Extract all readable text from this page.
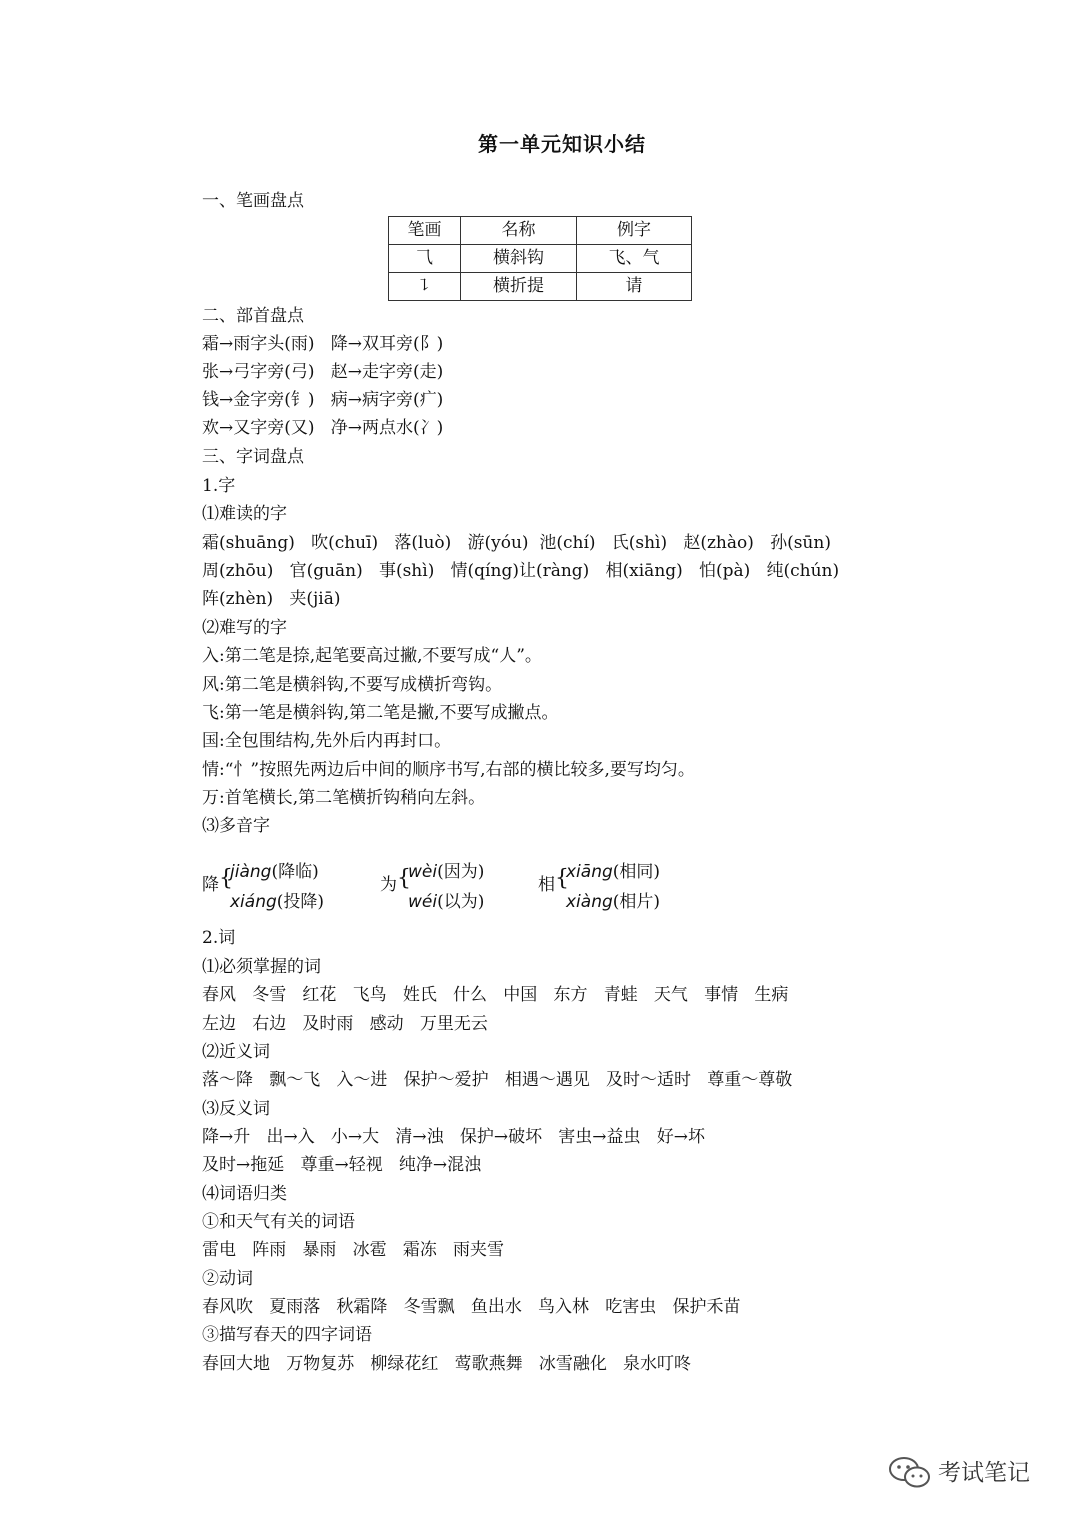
第一单元知识小结
一、笔画盘点
笔画	名称	例字
⺄	横斜钩	飞、气
㇊	横折提	请
二、部首盘点
霜→雨字头(雨)   降→双耳旁(阝)
张→弓字旁(弓)   赵→走字旁(走)
钱→金字旁(钅)   病→病字旁(疒)
欢→又字旁(又)   净→两点水(冫)
三、字词盘点
1.字
⑴难读的字
霜(shuāng)   吹(chuī)   落(luò)   游(yóu)  池(chí)   氏(shì)   赵(zhào)   孙(sūn)
周(zhōu)   官(guān)   事(shì)   情(qíng)让(ràng)   相(xiāng)   怕(pà)   纯(chún)
阵(zhèn)   夹(jiā)
⑵难写的字
入:第二笔是捺,起笔要高过撇,不要写成“人”。
风:第二笔是横斜钩,不要写成横折弯钩。
飞:第一笔是横斜钩,第二笔是撇,不要写成撇点。
国:全包围结构,先外后内再封口。
情:“忄”按照先两边后中间的顺序书写,右部的横比较多,要写均匀。
万:首笔横长,第二笔横折钩稍向左斜。
⑶多音字
降 {
jiàng(降临)
xiáng(投降)
为 {
wèi(因为)
wéi(以为)
相 {
xiāng(相同)
xiàng(相片)
2.词
⑴必须掌握的词
春风   冬雪   红花   飞鸟   姓氏   什么   中国   东方   青蛙   天气   事情   生病
左边   右边   及时雨   感动   万里无云
⑵近义词
落～降   飘～飞   入～进   保护～爱护   相遇～遇见   及时～适时   尊重～尊敬
⑶反义词
降→升   出→入   小→大   清→浊   保护→破坏   害虫→益虫   好→坏
及时→拖延   尊重→轻视   纯净→混浊
⑷词语归类
①和天气有关的词语
雷电   阵雨   暴雨   冰雹   霜冻   雨夹雪
②动词
春风吹   夏雨落   秋霜降   冬雪飘   鱼出水   鸟入林   吃害虫   保护禾苗
③描写春天的四字词语
春回大地   万物复苏   柳绿花红   莺歌燕舞   冰雪融化   泉水叮咚
考试笔记
